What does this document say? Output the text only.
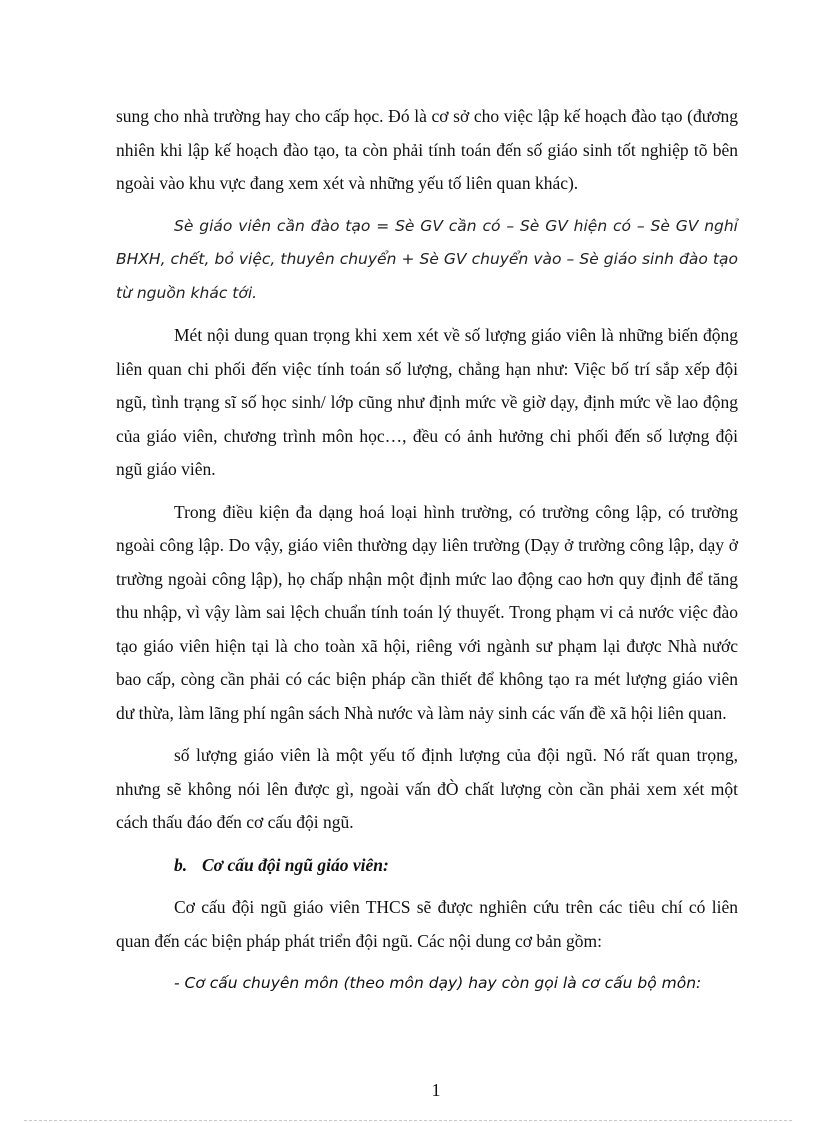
sung cho nhà trường hay cho cấp học. Đó là cơ sở cho việc lập kế hoạch đào tạo (đương nhiên khi lập kế hoạch đào tạo, ta còn phải tính toán đến số giáo sinh tốt nghiệp tõ bên ngoài vào khu vực đang xem xét và những yếu tố liên quan khác).

Sè giáo viên cần đào tạo = Sè GV cần có – Sè GV hiện có – Sè GV nghỉ BHXH, chết, bỏ việc, thuyên chuyển + Sè GV chuyển vào – Sè giáo sinh đào tạo từ nguồn khác tới.

Mét nội dung quan trọng khi xem xét về số lượng giáo viên là những biến động liên quan chi phối đến việc tính toán số lượng, chẳng hạn như: Việc bố trí sắp xếp đội ngũ, tình trạng sĩ số học sinh/ lớp cũng như định mức về giờ dạy, định mức về lao động của giáo viên, chương trình môn học…, đều có ảnh hưởng chi phối đến số lượng đội ngũ giáo viên.

Trong điều kiện đa dạng hoá loại hình trường, có trường công lập, có trường ngoài công lập. Do vậy, giáo viên thường dạy liên trường (Dạy ở trường công lập, dạy ở trường ngoài công lập), họ chấp nhận một định mức lao động cao hơn quy định để tăng thu nhập, vì vậy làm sai lệch chuẩn tính toán lý thuyết. Trong phạm vi cả nước việc đào tạo giáo viên hiện tại là cho toàn xã hội, riêng với ngành sư phạm lại được Nhà nước bao cấp, còng cần phải có các biện pháp cần thiết để không tạo ra mét lượng giáo viên dư thừa, làm lãng phí ngân sách Nhà nước và làm nảy sinh các vấn đề xã hội liên quan.

số lượng giáo viên là một yếu tố định lượng của đội ngũ. Nó rất quan trọng, nhưng sẽ không nói lên được gì, ngoài vấn đÒ chất lượng còn cần phải xem xét một cách thấu đáo đến cơ cấu đội ngũ.

b. Cơ cấu đội ngũ giáo viên:

Cơ cấu đội ngũ giáo viên THCS sẽ được nghiên cứu trên các tiêu chí có liên quan đến các biện pháp phát triển đội ngũ. Các nội dung cơ bản gồm:

- Cơ cấu chuyên môn (theo môn dạy) hay còn gọi là cơ cấu bộ môn:

1
